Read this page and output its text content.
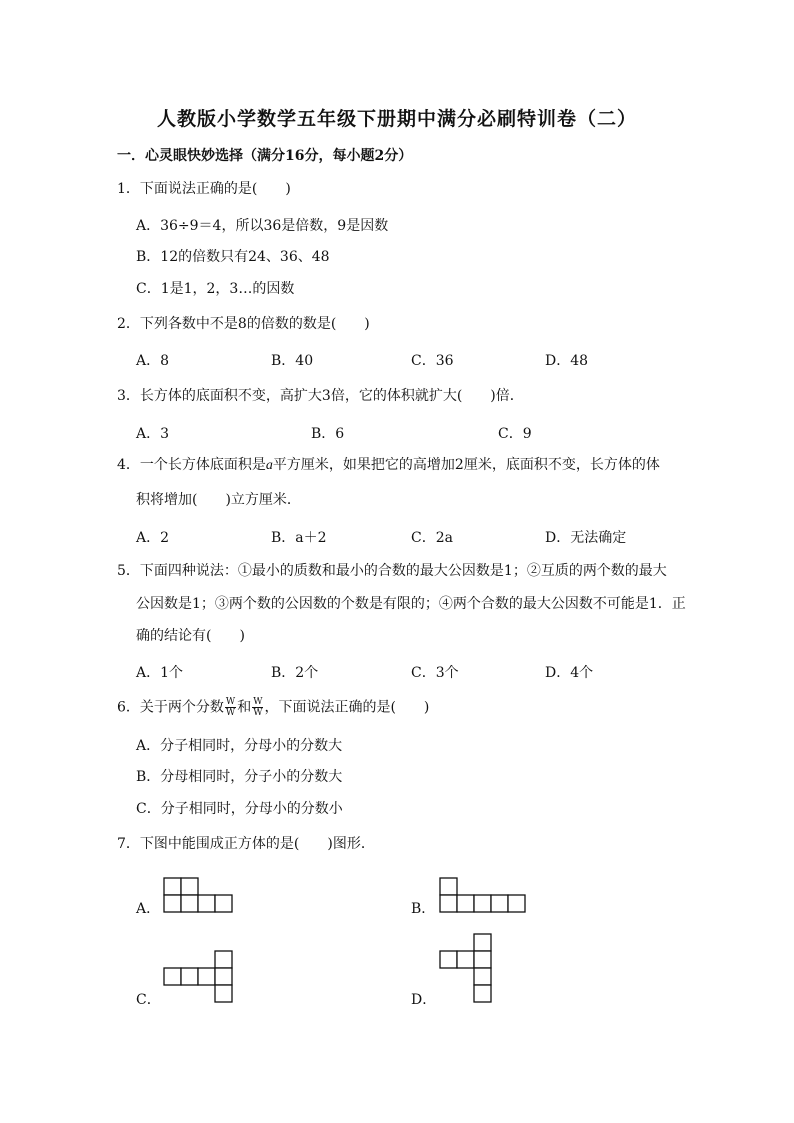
人教版小学数学五年级下册期中满分必刷特训卷（二）
一．心灵眼快妙选择（满分16分，每小题2分）
1．下面说法正确的是(　　)
A．36÷9＝4，所以36是倍数，9是因数
B．12的倍数只有24、36、48
C．1是1，2，3…的因数
2．下列各数中不是8的倍数的数是(　　)
A．8	B．40	C．36	D．48
3．长方体的底面积不变，高扩大3倍，它的体积就扩大(　　)倍．
A．3	B．6	C．9
4．一个长方体底面积是a平方厘米，如果把它的高增加2厘米，底面积不变，长方体的体
积将增加(　　)立方厘米．
A．2	B．a＋2	C．2a	D．无法确定
5．下面四种说法：①最小的质数和最小的合数的最大公因数是1；②互质的两个数的最大
公因数是1；③两个数的公因数的个数是有限的；④两个合数的最大公因数不可能是1．正
确的结论有(　　)
A．1个	B．2个	C．3个	D．4个
6．关于两个分数 $\frac{W}{W}$ 和 $\frac{W}{W}$ ，下面说法正确的是(　　)
A．分子相同时，分母小的分数大
B．分母相同时，分子小的分数大
C．分子相同时，分母小的分数小
7．下图中能围成正方体的是(　　)图形．
A．	B．
C．	D．
